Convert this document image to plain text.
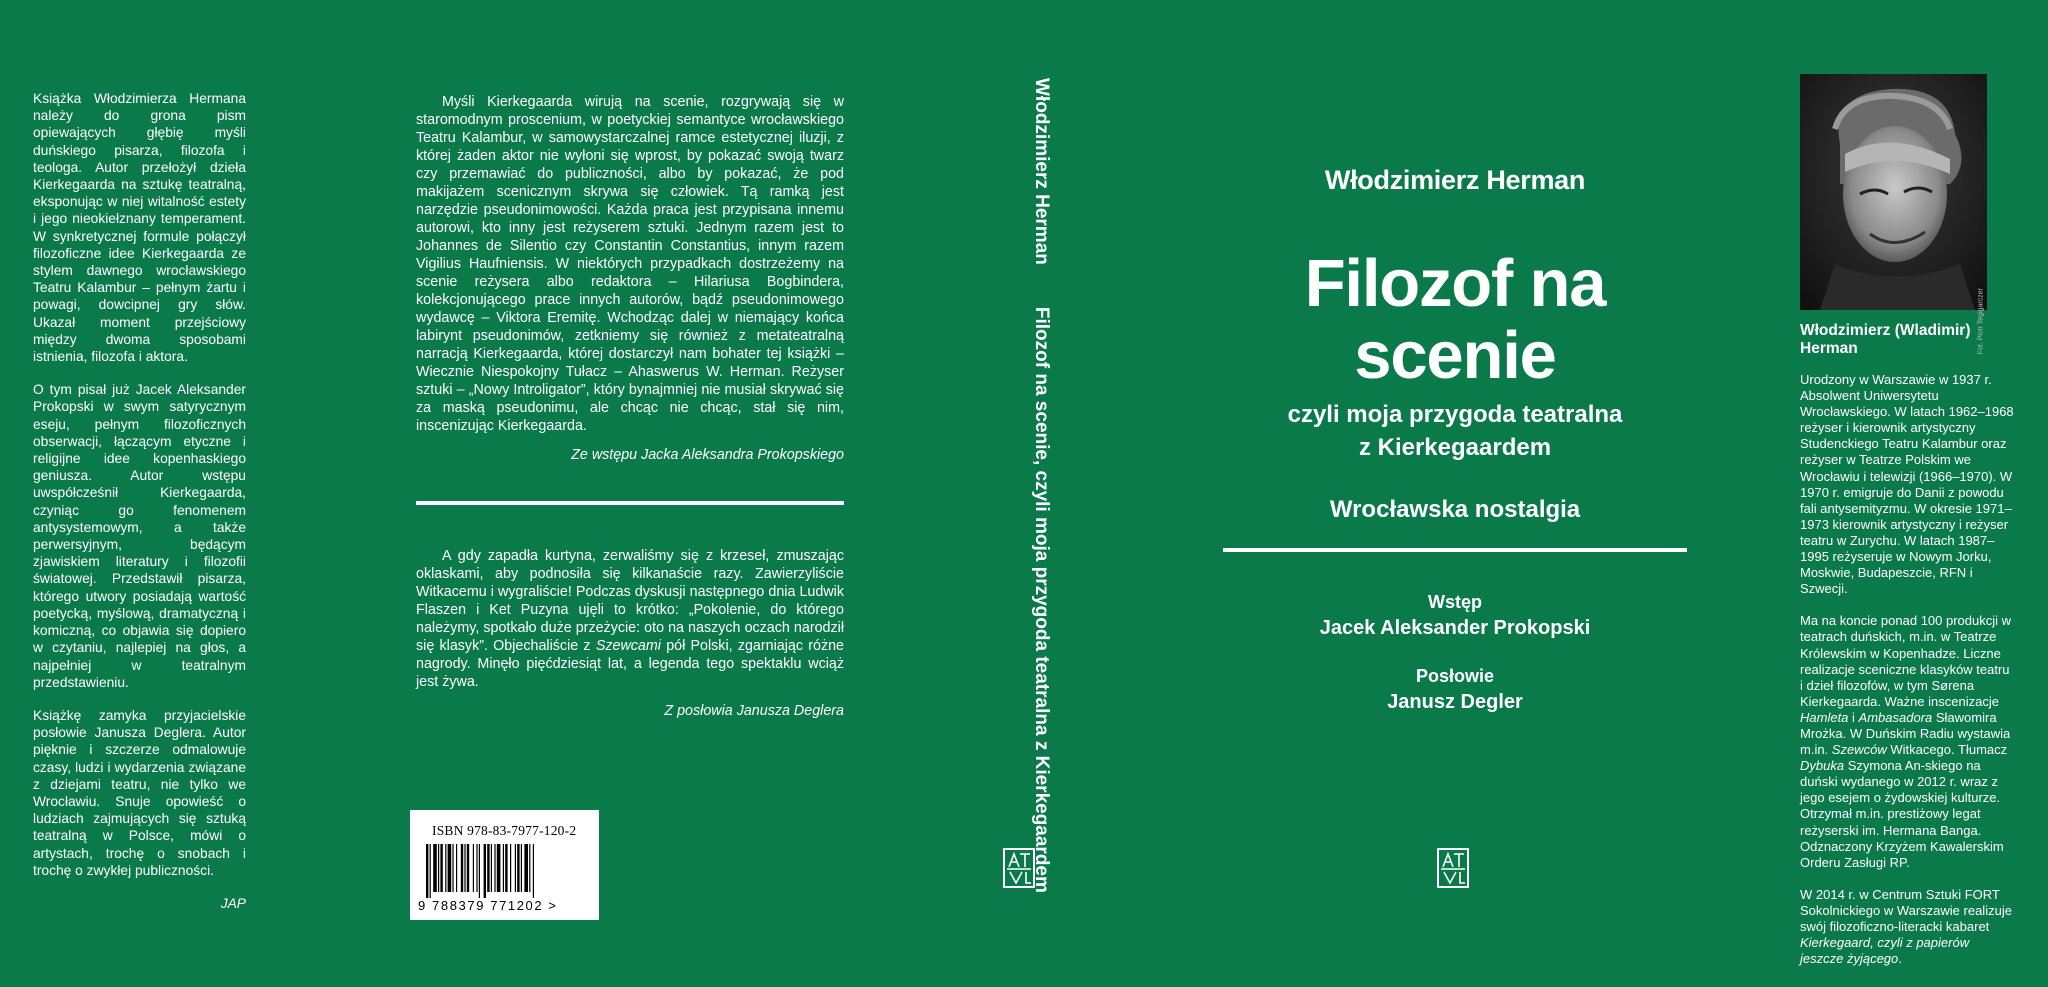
Książka Włodzimierza Hermana należy do grona pism opiewających głębię myśli duńskiego pisarza, filozofa i teologa. Autor przełożył dzieła Kierkegaarda na sztukę teatralną, eksponując w niej witalność estety i jego nieokiełznany temperament. W synkretycznej formule połączył filozoficzne idee Kierkegaarda ze stylem dawnego wrocławskiego Teatru Kalambur – pełnym żartu i powagi, dowcipnej gry słów. Ukazał moment przejściowy między dwoma sposobami istnienia, filozofa i aktora.

O tym pisał już Jacek Aleksander Prokopski w swym satyrycznym eseju, pełnym filozoficznych obserwacji, łączącym etyczne i religijne idee kopenhaskiego geniusza. Autor wstępu uwspółcześnił Kierkegaarda, czyniąc go fenomenem antysystemowym, a także perwersyjnym, będącym zjawiskiem literatury i filozofii światowej. Przedstawił pisarza, którego utwory posiadają wartość poetycką, myślową, dramatyczną i komiczną, co objawia się dopiero w czytaniu, najlepiej na głos, a najpełniej w teatralnym przedstawieniu.

Książkę zamyka przyjacielskie posłowie Janusza Deglera. Autor pięknie i szczerze odmalowuje czasy, ludzi i wydarzenia związane z dziejami teatru, nie tylko we Wrocławiu. Snuje opowieść o ludziach zajmujących się sztuką teatralną w Polsce, mówi o artystach, trochę o snobach i trochę o zwykłej publiczności.

JAP

Myśli Kierkegaarda wirują na scenie, rozgrywają się w staromodnym proscenium, w poetyckiej semantyce wrocławskiego Teatru Kalambur, w samowystarczalnej ramce estetycznej iluzji, z której żaden aktor nie wyłoni się wprost, by pokazać swoją twarz czy przemawiać do publiczności, albo by pokazać, że pod makijażem scenicznym skrywa się człowiek. Tą ramką jest narzędzie pseudonimowości. Każda praca jest przypisana innemu autorowi, kto inny jest reżyserem sztuki. Jednym razem jest to Johannes de Silentio czy Constantin Constantius, innym razem Vigilius Haufniensis. W niektórych przypadkach dostrzeżemy na scenie reżysera albo redaktora – Hilariusa Bogbindera, kolekcjonującego prace innych autorów, bądź pseudonimowego wydawcę – Viktora Eremitę. Wchodząc dalej w niemający końca labirynt pseudonimów, zetkniemy się również z metateatralną narracją Kierkegaarda, której dostarczył nam bohater tej książki – Wiecznie Niespokojny Tułacz – Ahaswerus W. Herman. Reżyser sztuki – „Nowy Introligator”, który bynajmniej nie musiał skrywać się za maską pseudonimu, ale chcąc nie chcąc, stał się nim, inscenizując Kierkegaarda.

Ze wstępu Jacka Aleksandra Prokopskiego

A gdy zapadła kurtyna, zerwaliśmy się z krzeseł, zmuszając oklaskami, aby podnosiła się kilkanaście razy. Zawierzyliście Witkacemu i wygraliście! Podczas dyskusji następnego dnia Ludwik Flaszen i Ket Puzyna ujęli to krótko: „Pokolenie, do którego należymy, spotkało duże przeżycie: oto na naszych oczach narodził się klasyk”. Objechaliście z Szewcami pół Polski, zgarniając różne nagrody. Minęło pięćdziesiąt lat, a legenda tego spektaklu wciąż jest żywa.

Z posłowia Janusza Deglera
ISBN 978-83-7977-120-2
9 788379 771202 >
Włodzimierz HermanFilozof na scenie, czyli moja przygoda teatralna z Kierkegaardem
Włodzimierz Herman
Filozof na scenie
czyli moja przygoda teatralna
z Kierkegaardem
Wrocławska nostalgia
Wstęp
Jacek Aleksander Prokopski
Posłowie
Janusz Degler
Fot. Piotr Tegigarczer
Włodzimierz (Wladimir) Herman

Urodzony w Warszawie w 1937 r. Absolwent Uniwersytetu Wrocławskiego. W latach 1962–1968 reżyser i kierownik artystyczny Studenckiego Teatru Kalambur oraz reżyser w Teatrze Polskim we Wrocławiu i telewizji (1966–1970). W 1970 r. emigruje do Danii z powodu fali antysemityzmu. W okresie 1971–1973 kierownik artystyczny i reżyser teatru w Zurychu. W latach 1987–1995 reżyseruje w Nowym Jorku, Moskwie, Budapeszcie, RFN i Szwecji.

Ma na koncie ponad 100 produkcji w teatrach duńskich, m.in. w Teatrze Królewskim w Kopenhadze. Liczne realizacje sceniczne klasyków teatru i dzieł filozofów, w tym Sørena Kierkegaarda. Ważne inscenizacje Hamleta i Ambasadora Sławomira Mrożka. W Duńskim Radiu wystawia m.in. Szewców Witkacego. Tłumacz Dybuka Szymona An-skiego na duński wydanego w 2012 r. wraz z jego esejem o żydowskiej kulturze. Otrzymał m.in. prestiżowy legat reżyserski im. Hermana Banga. Odznaczony Krzyżem Kawalerskim Orderu Zasługi RP.

W 2014 r. w Centrum Sztuki FORT Sokolnickiego w Warszawie realizuje swój filozoficzno-literacki kabaret Kierkegaard, czyli z papierów jeszcze żyjącego.
